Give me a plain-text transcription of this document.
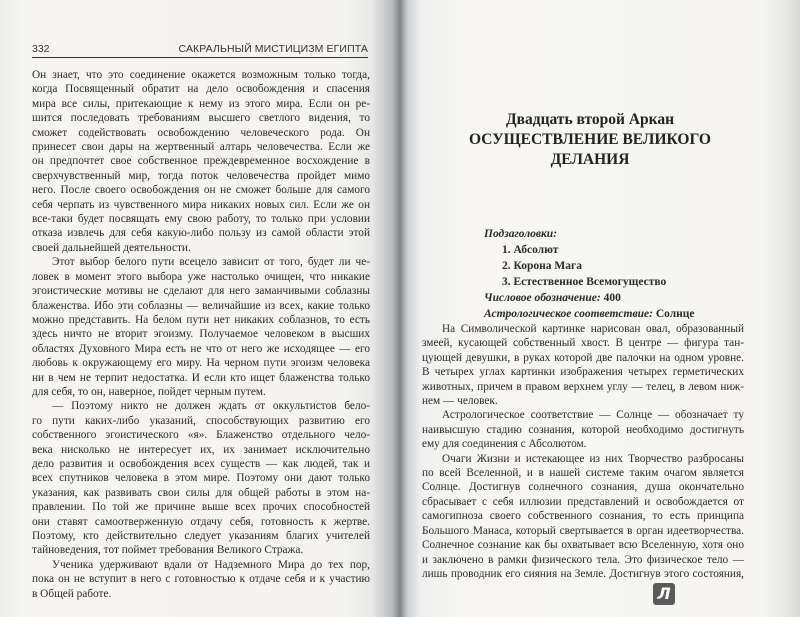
332	САКРАЛЬНЫЙ МИСТИЦИЗМ ЕГИПТА
Он знает, что это соединение окажется возможным только тогда,
когда Посвященный обратит на дело освобождения и спасения
мира все силы, притекающие к нему из этого мира. Если он ре-
шится последовать требованиям высшего светлого видения, то
сможет содействовать освобождению человеческого рода. Он
принесет свои дары на жертвенный алтарь человечества. Если же
он предпочтет свое собственное преждевременное восхождение в
сверхчувственный мир, тогда поток человечества пройдет мимо
него. После своего освобождения он не сможет больше для самого
себя черпать из чувственного мира никаких новых сил. Если же он
все-таки будет посвящать ему свою работу, то только при условии
отказа извлечь для себя какую-либо пользу из самой области этой
своей дальнейшей деятельности.
Этот выбор белого пути всецело зависит от того, будет ли че-
ловек в момент этого выбора уже настолько очищен, что никакие
эгоистические мотивы не сделают для него заманчивыми соблазны
блаженства. Ибо эти соблазны — величайшие из всех, какие только
можно представить. На белом пути нет никаких соблазнов, то есть
здесь ничто не вторит эгоизму. Получаемое человеком в высших
областях Духовного Мира есть не что от него же исходящее — его
любовь к окружающему его миру. На черном пути эгоизм человека
ни в чем не терпит недостатка. И если кто ищет блаженства только
для себя, то он, наверное, пойдет черным путем.
— Поэтому никто не должен ждать от оккультистов бело-
го пути каких-либо указаний, способствующих развитию его
собственного эгоистического «я». Блаженство отдельного чело-
века нисколько не интересует их, их занимает исключительно
дело развития и освобождения всех существ — как людей, так и
всех спутников человека в этом мире. Поэтому они дают только
указания, как развивать свои силы для общей работы в этом на-
правлении. По той же причине выше всех прочих способностей
они ставят самоотверженную отдачу себя, готовность к жертве.
Поэтому, кто действительно следует указаниям благих учителей
тайноведения, тот поймет требования Великого Стража.
Ученика удерживают вдали от Надземного Мира до тех пор,
пока он не вступит в него с готовностью к отдаче себя и к участию
в Общей работе.
Двадцать второй Аркан
ОСУЩЕСТВЛЕНИЕ ВЕЛИКОГО
ДЕЛАНИЯ
Подзаголовки:
1. Абсолют
2. Корона Мага
3. Естественное Всемогущество
Числовое обозначение: 400
Астрологическое соответствие: Солнце
На Символической картинке нарисован овал, образованный
змеей, кусающей собственный хвост. В центре — фигура тан-
цующей девушки, в руках которой две палочки на одном уровне.
В четырех углах картинки изображения четырех герметических
животных, причем в правом верхнем углу — телец, в левом ниж-
нем — человек.
Астрологическое соответствие — Солнце — обозначает ту
наивысшую стадию сознания, которой необходимо достигнуть
ему для соединения с Абсолютом.
Очаги Жизни и истекающее из них Творчество разбросаны
по всей Вселенной, и в нашей системе таким очагом является
Солнце. Достигнув солнечного сознания, душа окончательно
сбрасывает с себя иллюзии представлений и освобождается от
самогипноза своего собственного сознания, то есть принципа
Большого Манаса, который свертывается в орган идеетворчества.
Солнечное сознание как бы охватывает всю Вселенную, хотя оно
и заключено в рамки физического тела. Это физическое тело —
лишь проводник его сияния на Земле. Достигнув этого состояния,
Л
